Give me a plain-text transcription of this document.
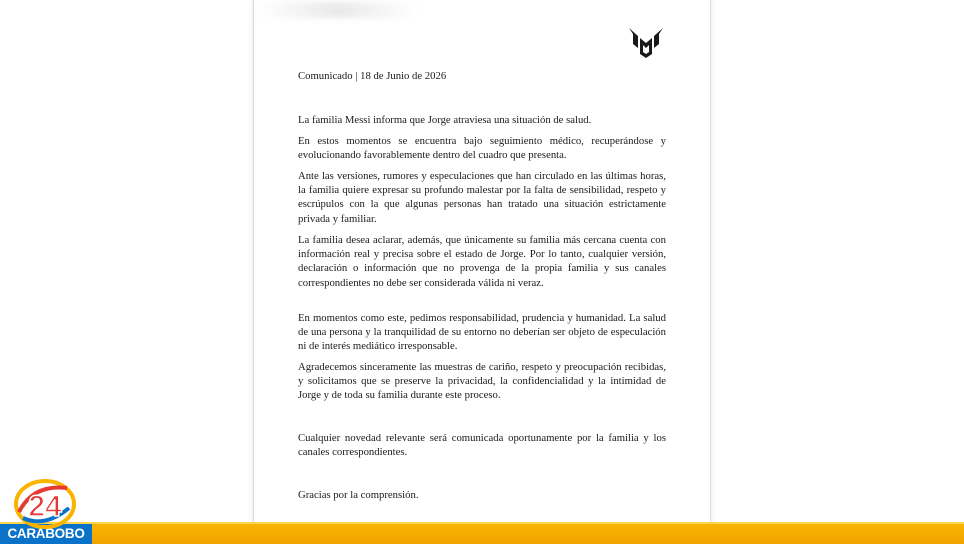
Comunicado | 18 de Junio de 2026
La familia Messi informa que Jorge atraviesa una situación de salud.
En estos momentos se encuentra bajo seguimiento médico, recuperándose y evolucionando favorablemente dentro del cuadro que presenta.
Ante las versiones, rumores y especulaciones que han circulado en las últimas horas, la familia quiere expresar su profundo malestar por la falta de sensibilidad, respeto y escrúpulos con la que algunas personas han tratado una situación estrictamente privada y familiar.
La familia desea aclarar, además, que únicamente su familia más cercana cuenta con información real y precisa sobre el estado de Jorge. Por lo tanto, cualquier versión, declaración o información que no provenga de la propia familia y sus canales correspondientes no debe ser considerada válida ni veraz.
En momentos como este, pedimos responsabilidad, prudencia y humanidad. La salud de una persona y la tranquilidad de su entorno no deberían ser objeto de especulación ni de interés mediático irresponsable.
Agradecemos sinceramente las muestras de cariño, respeto y preocupación recibidas, y solicitamos que se preserve la privacidad, la confidencialidad y la intimidad de Jorge y de toda su familia durante este proceso.
Cualquier novedad relevante será comunicada oportunamente por la familia y los canales correspondientes.
Gracias por la comprensión.
CARABOBO
24
